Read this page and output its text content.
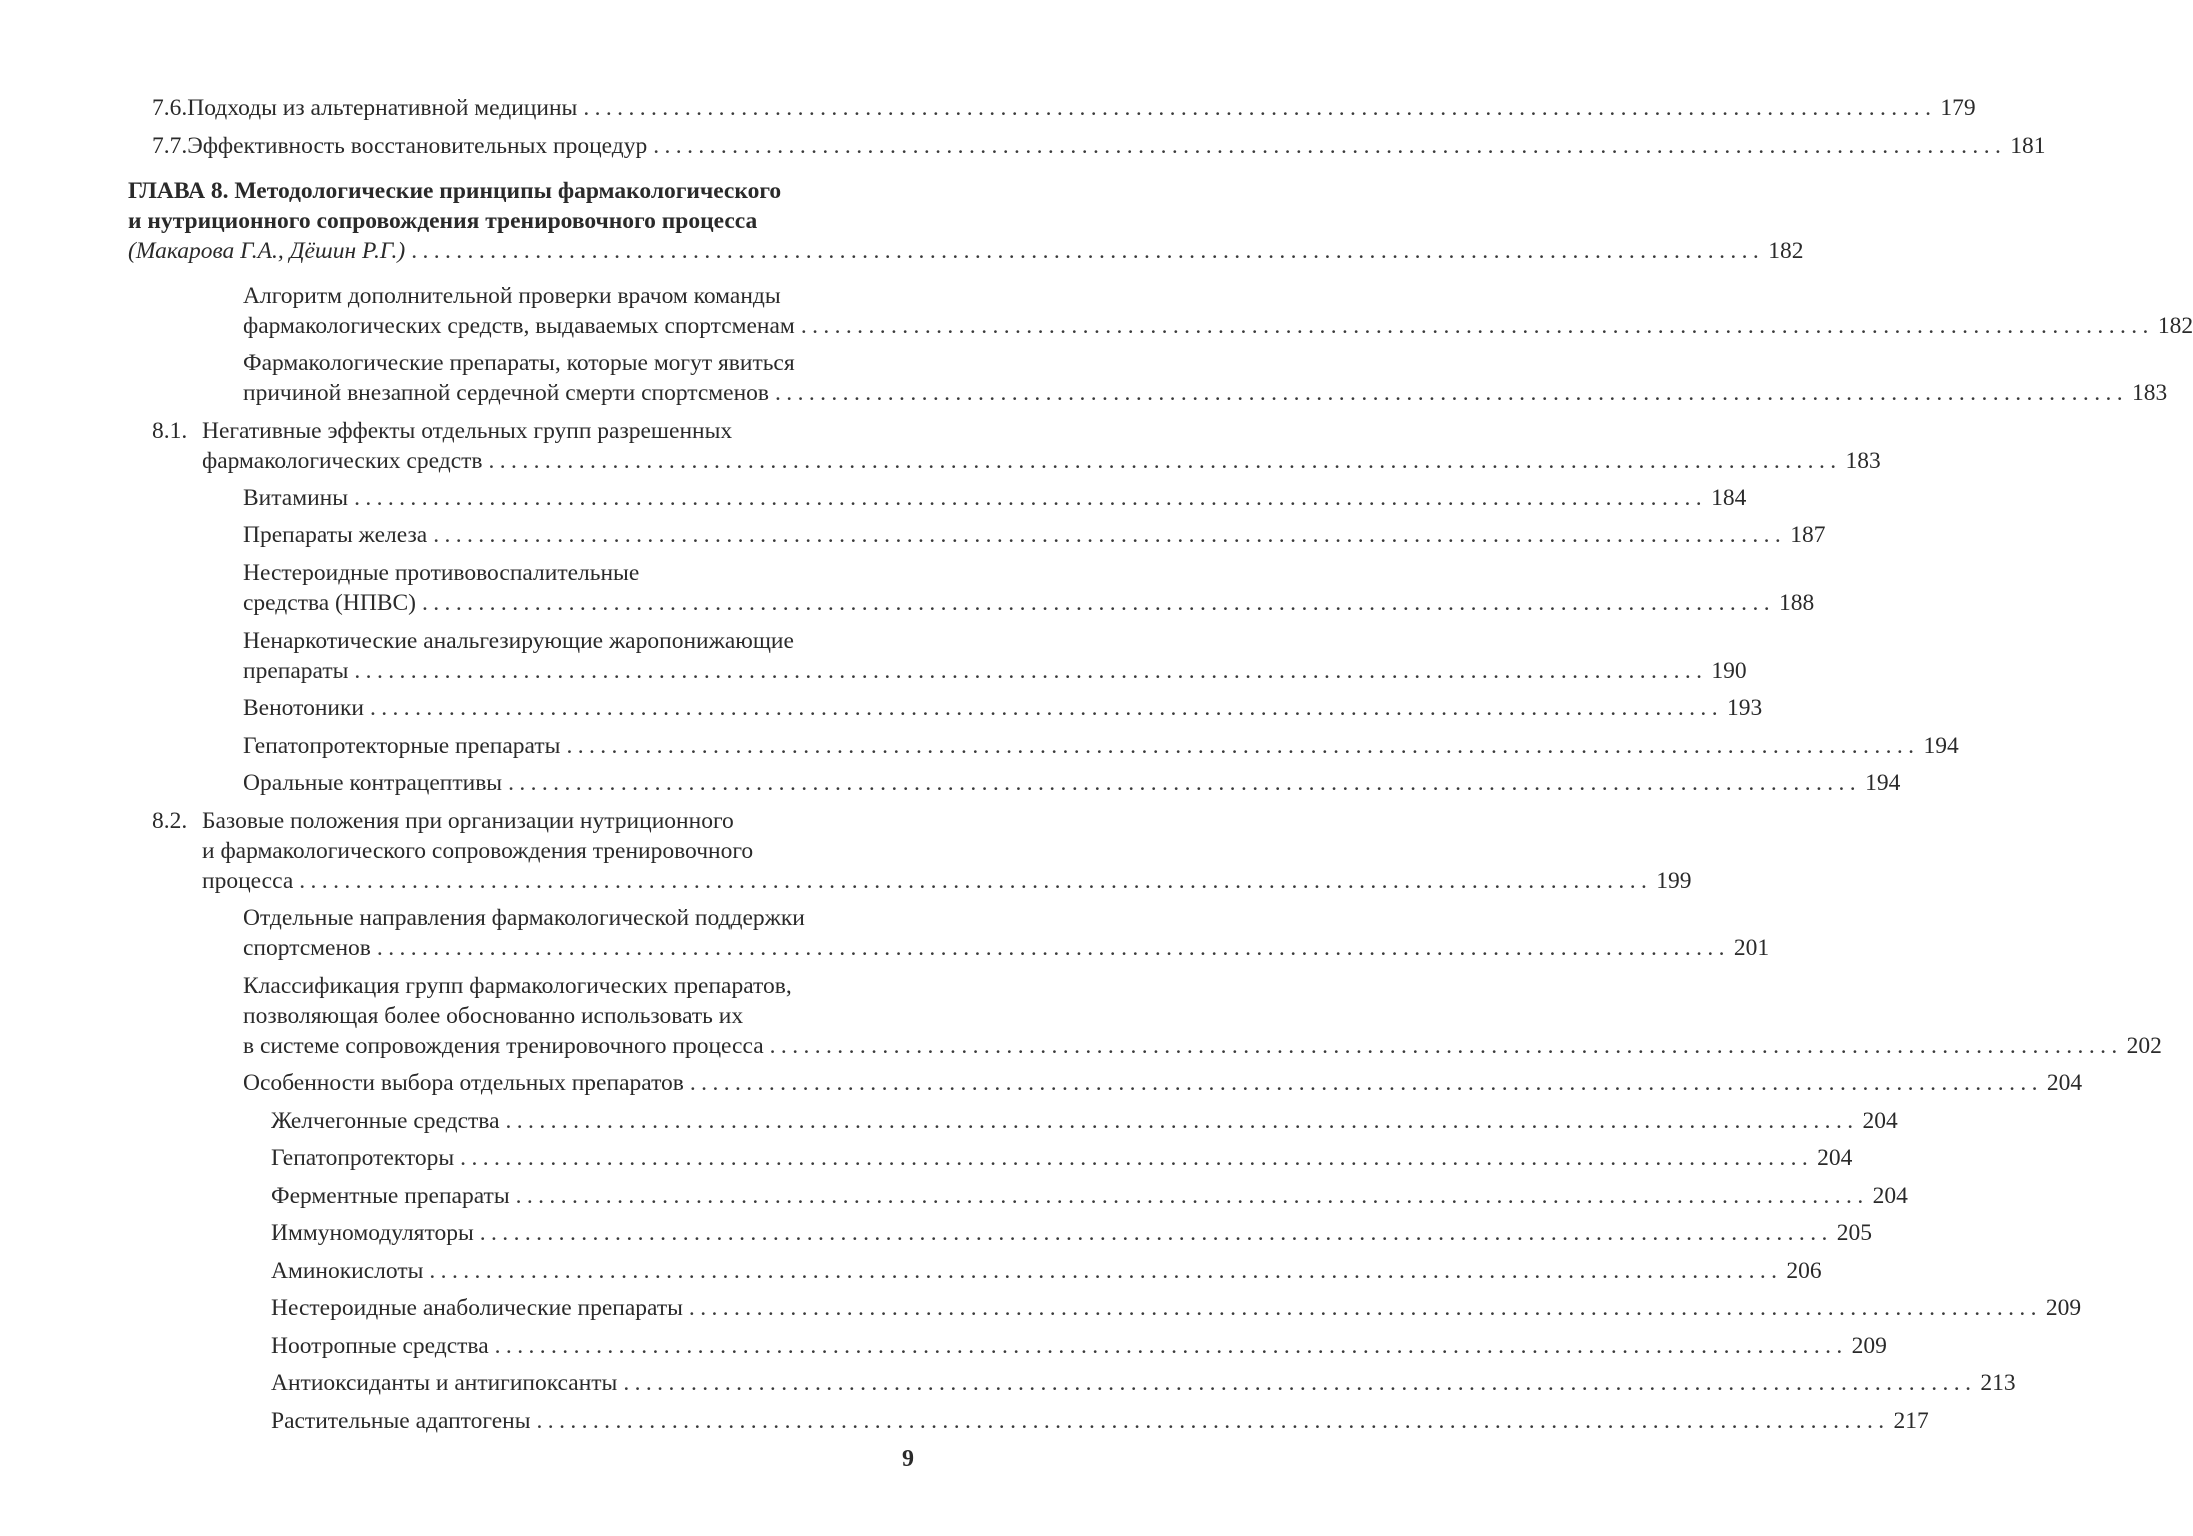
7.6. Подходы из альтернативной медицины ........................................................................................................................ 179
7.7. Эффективность восстановительных процедур ........................................................................................................................ 181
ГЛАВА 8. Методологические принципы фармакологического
и нутриционного сопровождения тренировочного процесса
(Макарова Г.А., Дёшин Р.Г.) ........................................................................................................................ 182
Алгоритм дополнительной проверки врачом команды
фармакологических средств, выдаваемых спортсменам ........................................................................................................................ 182
Фармакологические препараты, которые могут явиться
причиной внезапной сердечной смерти спортсменов ........................................................................................................................ 183
8.1. Негативные эффекты отдельных групп разрешенных
фармакологических средств ........................................................................................................................ 183
Витамины ........................................................................................................................ 184
Препараты железа ........................................................................................................................ 187
Нестероидные противовоспалительные
средства (НПВС) ........................................................................................................................ 188
Ненаркотические анальгезирующие жаропонижающие
препараты ........................................................................................................................ 190
Венотоники ........................................................................................................................ 193
Гепатопротекторные препараты ........................................................................................................................ 194
Оральные контрацептивы ........................................................................................................................ 194
8.2. Базовые положения при организации нутриционного
и фармакологического сопровождения тренировочного
процесса ........................................................................................................................ 199
Отдельные направления фармакологической поддержки
спортсменов ........................................................................................................................ 201
Классификация групп фармакологических препаратов,
позволяющая более обоснованно использовать их
в системе сопровождения тренировочного процесса ........................................................................................................................ 202
Особенности выбора отдельных препаратов ........................................................................................................................ 204
Желчегонные средства ........................................................................................................................ 204
Гепатопротекторы ........................................................................................................................ 204
Ферментные препараты ........................................................................................................................ 204
Иммуномодуляторы ........................................................................................................................ 205
Аминокислоты ........................................................................................................................ 206
Нестероидные анаболические препараты ........................................................................................................................ 209
Ноотропные средства ........................................................................................................................ 209
Антиоксиданты и антигипоксанты ........................................................................................................................ 213
Растительные адаптогены ........................................................................................................................ 217
9
